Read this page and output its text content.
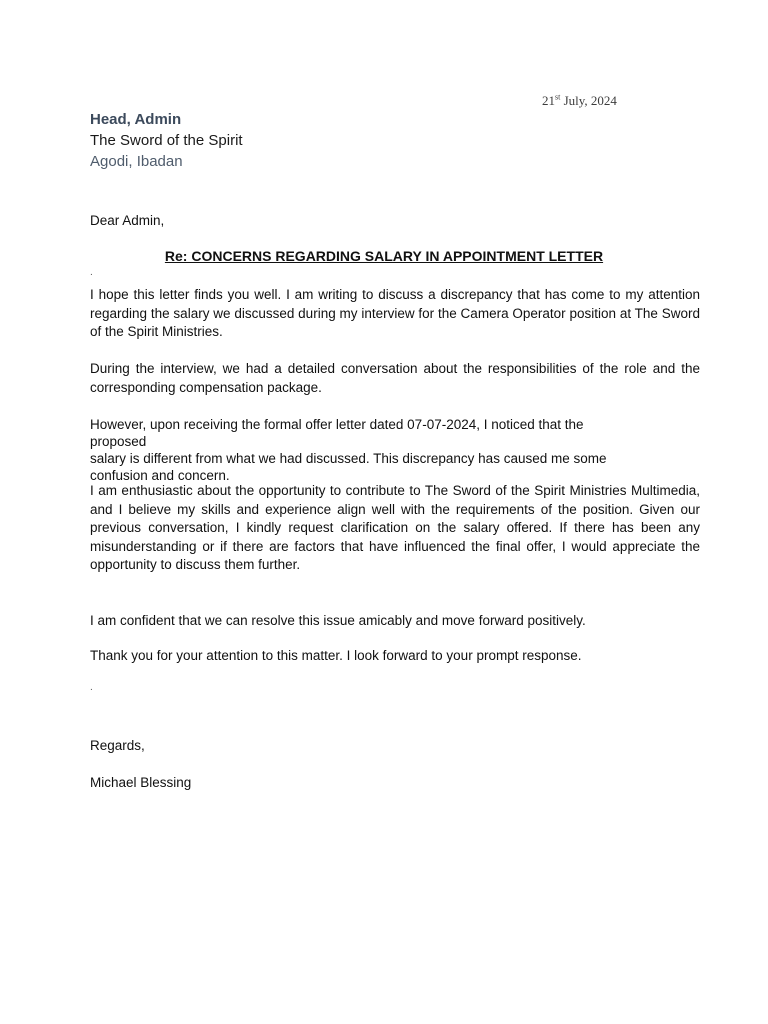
21st July, 2024
Head, Admin
The Sword of the Spirit
Agodi, Ibadan
Dear Admin,
Re: CONCERNS REGARDING SALARY IN APPOINTMENT LETTER
.
I hope this letter finds you well. I am writing to discuss a discrepancy that has come to my attention regarding the salary we discussed during my interview for the Camera Operator position at The Sword of the Spirit Ministries.
During the interview, we had a detailed conversation about the responsibilities of the role and the corresponding compensation package.
However, upon receiving the formal offer letter dated 07-07-2024, I noticed that the proposed
salary is different from what we had discussed. This discrepancy has caused me some
confusion and concern.
I am enthusiastic about the opportunity to contribute to The Sword of the Spirit Ministries Multimedia, and I believe my skills and experience align well with the requirements of the position. Given our previous conversation, I kindly request clarification on the salary offered. If there has been any misunderstanding or if there are factors that have influenced the final offer, I would appreciate the opportunity to discuss them further.
I am confident that we can resolve this issue amicably and move forward positively.
Thank you for your attention to this matter. I look forward to your prompt response.
.
Regards,
Michael Blessing
